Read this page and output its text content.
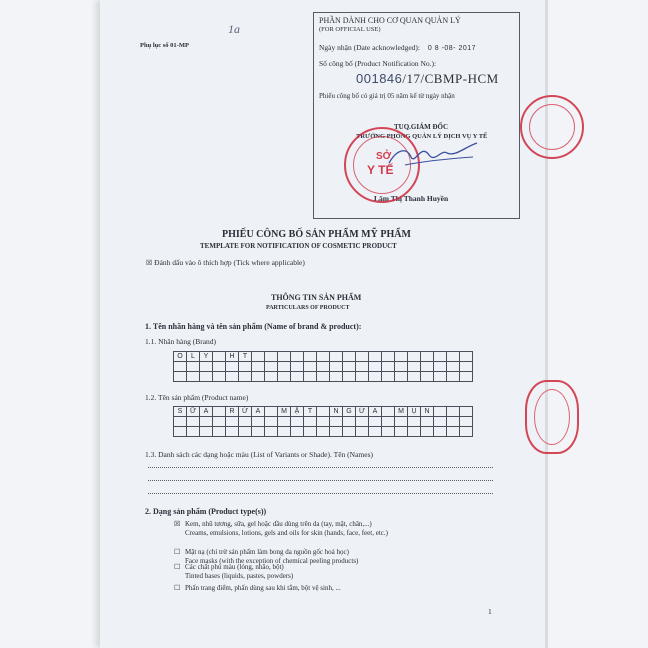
Phụ lục số 01-MP
1a
PHẦN DÀNH CHO CƠ QUAN QUẢN LÝ
(FOR OFFICIAL USE)
Ngày nhận (Date acknowledged): 0 8 -08- 2017
Số công bố (Product Notification No.):
001846/17/CBMP-HCM
Phiếu công bố có giá trị 05 năm kể từ ngày nhận
TUQ.GIÁM ĐỐC
TRƯỞNG PHÒNG QUẢN LÝ DỊCH VỤ Y TẾ
Lâm Thị Thanh Huyền
SỞ
Y TẾ
PHIẾU CÔNG BỐ SẢN PHẨM MỸ PHẨM
TEMPLATE FOR NOTIFICATION OF COSMETIC PRODUCT
☒ Đánh dấu vào ô thích hợp (Tick where applicable)
THÔNG TIN SẢN PHẨM
PARTICULARS OF PRODUCT
1. Tên nhãn hàng và tên sản phẩm (Name of brand & product):
1.1. Nhãn hàng (Brand)
O	L	Y		H	T																	

1.2. Tên sản phẩm (Product name)
S	Ữ	A		R	Ử	A		M	Ặ	T		N	G	Ừ	A		M	Ụ	N			

1.3. Danh sách các dạng hoặc màu (List of Variants or Shade). Tên (Names)
2. Dạng sản phẩm (Product type(s))
☒ Kem, nhũ tương, sữa, gel hoặc dầu dùng trên da (tay, mặt, chân,...)
Creams, emulsions, lotions, gels and oils for skin (hands, face, feet, etc.)
☐ Mặt nạ (chỉ trừ sản phẩm làm bong da nguồn gốc hoá học)
Face masks (with the exception of chemical peeling products)
☐ Các chất phủ màu (lỏng, nhão, bột)
Tinted bases (liquids, pastes, powders)
☐ Phấn trang điểm, phấn dùng sau khi tắm, bột vệ sinh, ...
1
